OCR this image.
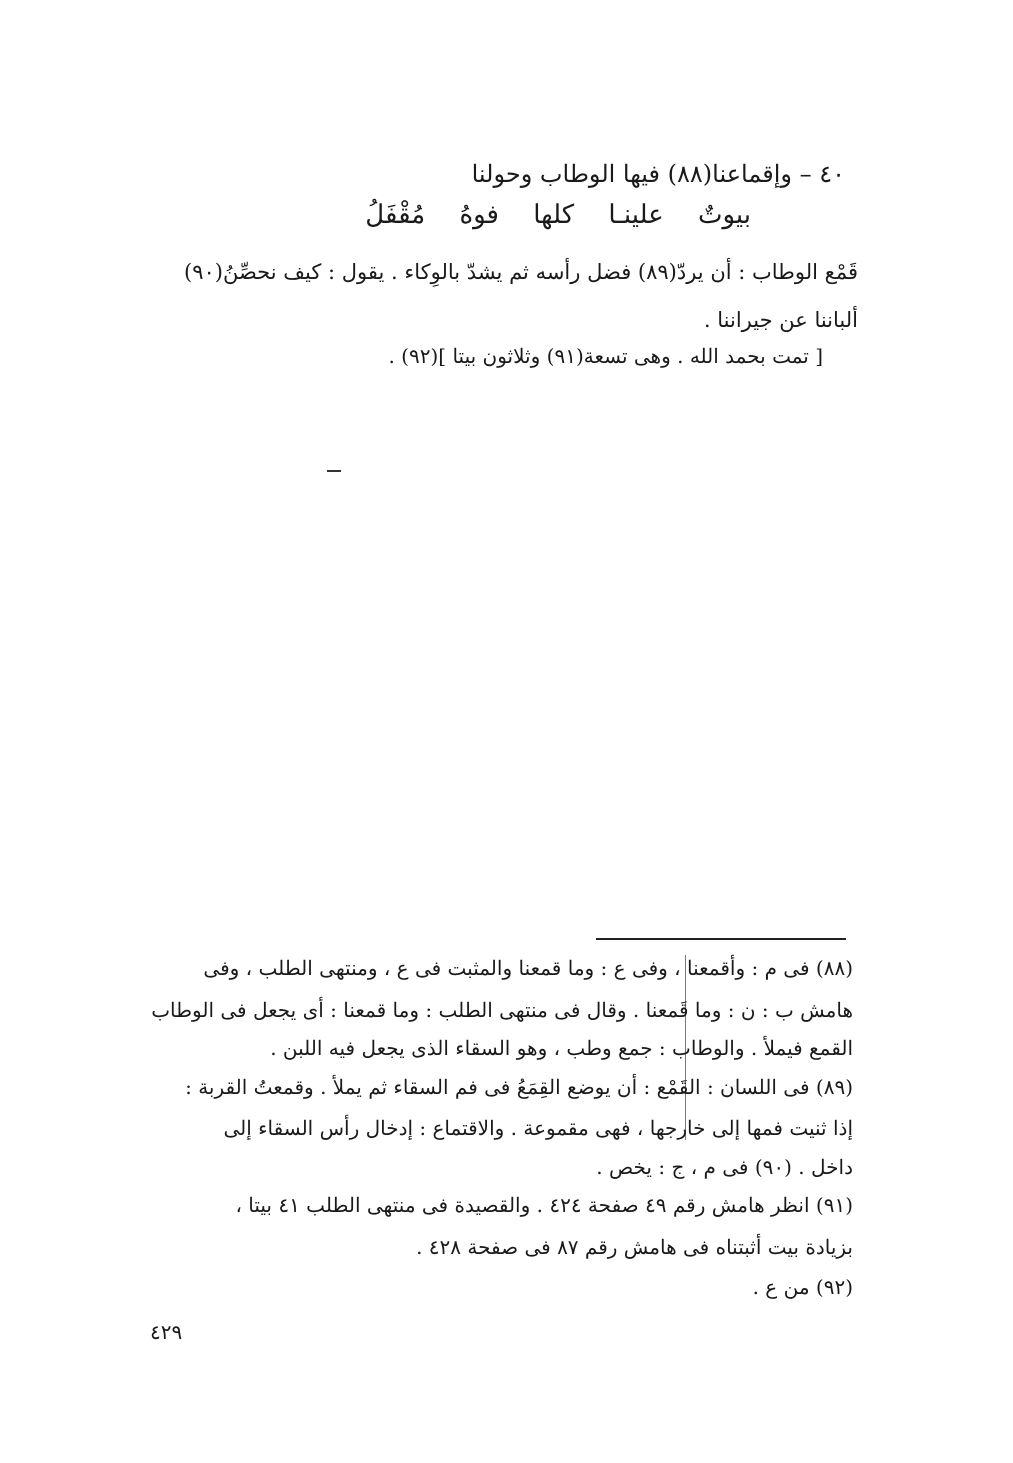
٤٠ – وإقماعنا(٨٨) فيها الوطاب وحولنا
بيوتٌ علينـا كلها فوهُ مُقْفَلُ
قَمْع الوطاب : أن يردّ(٨٩) فضل رأسه ثم يشدّ بالوِكاء . يقول : كيف نحصِّنُ(٩٠)
ألباننا عن جيراننا .
[ تمت بحمد الله . وهى تسعة(٩١) وثلاثون بيتا ](٩٢) .
(٨٨) فى م : وأقمعنا ، وفى ع : وما قمعنا والمثبت فى ع ، ومنتهى الطلب ، وفى
هامش ب : ن : وما قَمعنا . وقال فى منتهى الطلب : وما قمعنا : أى يجعل فى الوطاب
القمع فيملأ . والوطاب : جمع وطب ، وهو السقاء الذى يجعل فيه اللبن .
(٨٩) فى اللسان : القَمْع : أن يوضع القِمَعُ فى فم السقاء ثم يملأ . وقمعتُ القربة :
إذا ثنيت فمها إلى خارجها ، فهى مقموعة . والاقتماع : إدخال رأس السقاء إلى
داخل . (٩٠) فى م ، ج : يخص .
(٩١) انظر هامش رقم ٤٩ صفحة ٤٢٤ . والقصيدة فى منتهى الطلب ٤١ بيتا ،
بزيادة بيت أثبتناه فى هامش رقم ٨٧ فى صفحة ٤٢٨ .
(٩٢) من ع .
٤٢٩
